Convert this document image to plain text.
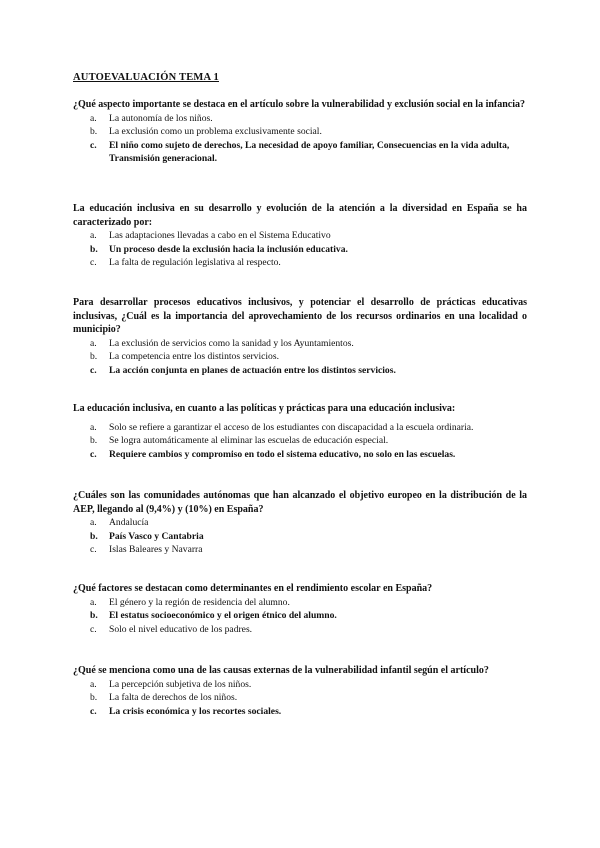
AUTOEVALUACIÓN TEMA 1
¿Qué aspecto importante se destaca en el artículo sobre la vulnerabilidad y exclusión social en la infancia?
a. La autonomía de los niños.
b. La exclusión como un problema exclusivamente social.
c. El niño como sujeto de derechos, La necesidad de apoyo familiar, Consecuencias en la vida adulta, Transmisión generacional.
La educación inclusiva en su desarrollo y evolución de la atención a la diversidad en España se ha caracterizado por:
a. Las adaptaciones llevadas a cabo en el Sistema Educativo
b. Un proceso desde la exclusión hacia la inclusión educativa.
c. La falta de regulación legislativa al respecto.
Para desarrollar procesos educativos inclusivos, y potenciar el desarrollo de prácticas educativas inclusivas, ¿Cuál es la importancia del aprovechamiento de los recursos ordinarios en una localidad o municipio?
a. La exclusión de servicios como la sanidad y los Ayuntamientos.
b. La competencia entre los distintos servicios.
c. La acción conjunta en planes de actuación entre los distintos servicios.
La educación inclusiva, en cuanto a las políticas y prácticas para una educación inclusiva:
a. Solo se refiere a garantizar el acceso de los estudiantes con discapacidad a la escuela ordinaria.
b. Se logra automáticamente al eliminar las escuelas de educación especial.
c. Requiere cambios y compromiso en todo el sistema educativo, no solo en las escuelas.
¿Cuáles son las comunidades autónomas que han alcanzado el objetivo europeo en la distribución de la AEP, llegando al (9,4%) y (10%) en España?
a. Andalucía
b. País Vasco y Cantabria
c. Islas Baleares y Navarra
¿Qué factores se destacan como determinantes en el rendimiento escolar en España?
a. El género y la región de residencia del alumno.
b. El estatus socioeconómico y el origen étnico del alumno.
c. Solo el nivel educativo de los padres.
¿Qué se menciona como una de las causas externas de la vulnerabilidad infantil según el artículo?
a. La percepción subjetiva de los niños.
b. La falta de derechos de los niños.
c. La crisis económica y los recortes sociales.
